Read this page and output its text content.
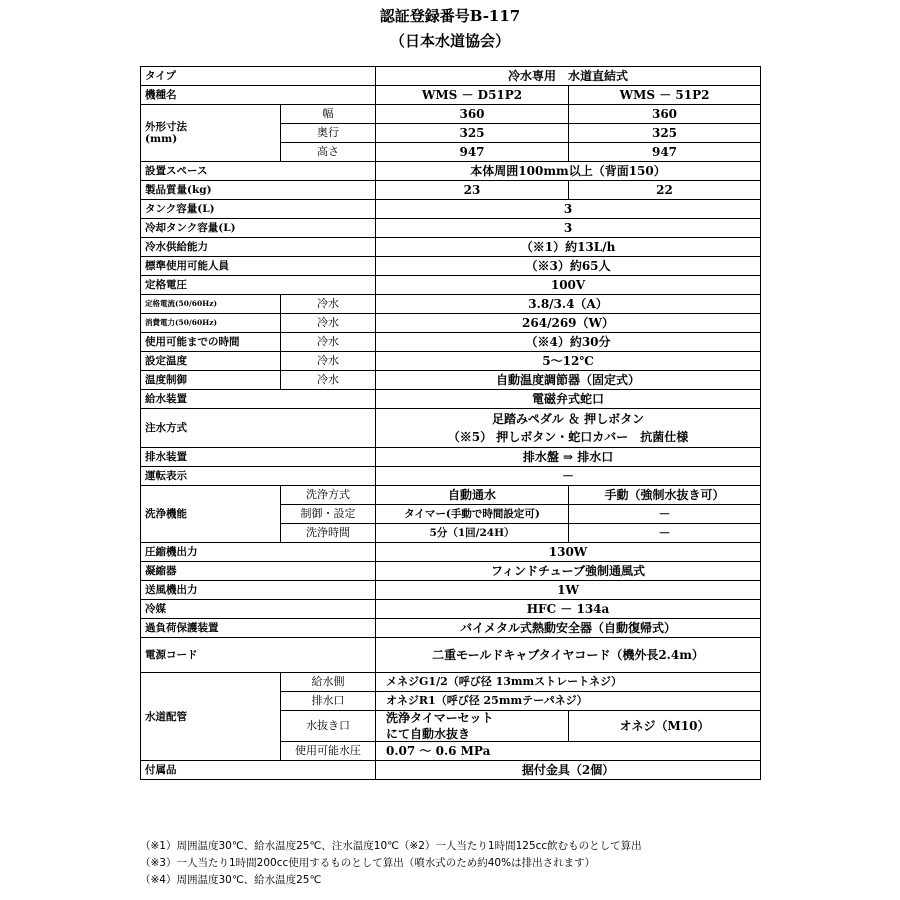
認証登録番号B-117
（日本水道協会）
タイプ		冷水専用　水道直結式	
機種名		WMS － D51P2	WMS － 51P2

外形寸法
(mm)	幅	360	360
	奥行	325	325
	高さ	947	947
設置スペース		本体周囲100mm以上（背面150）	
製品質量(kg)		23	22
タンク容量(L)		3	
冷却タンク容量(L)		3	
冷水供給能力		（※1）約13L/h	
標準使用可能人員		（※3）約65人	
定格電圧		100V	
定格電流(50/60Hz)	冷水	3.8/3.4（A）	
消費電力(50/60Hz)	冷水	264/269（W）	
使用可能までの時間	冷水	（※4）約30分	
設定温度	冷水	5～12℃	
温度制御	冷水	自動温度調節器（固定式）	
給水装置		電磁弁式蛇口	
注水方式		足踏みペダル ＆ 押しボタン
（※5） 押しボタン・蛇口カバー　抗菌仕様	

排水装置		排水盤 ⇒ 排水口	
運転表示		－	
洗浄機能	洗浄方式	自動通水	手動（強制水抜き可）
	制御・設定	タイマー(手動で時間設定可)	－
	洗浄時間	5分（1回/24H）	－
圧縮機出力		130W	
凝縮器		フィンドチューブ強制通風式	
送風機出力		1W	
冷媒		HFC － 134a	
過負荷保護装置		バイメタル式熱動安全器（自動復帰式）	
電源コード		二重モールドキャブタイヤコード（機外長2.4m）	
水道配管	給水側	メネジG1/2（呼び径 13mmストレートネジ）	
	排水口	オネジR1（呼び径 25mmテーパネジ）	
	水抜き口	洗浄タイマーセット
にて自動水抜き	オネジ（M10）
	使用可能水圧	0.07 ～ 0.6 MPa	
付属品		据付金具（2個）	
（※1）周囲温度30℃、給水温度25℃、注水温度10℃（※2）一人当たり1時間125cc飲むものとして算出
（※3）一人当たり1時間200cc使用するものとして算出（噴水式のため約40%は排出されます）
（※4）周囲温度30℃、給水温度25℃
